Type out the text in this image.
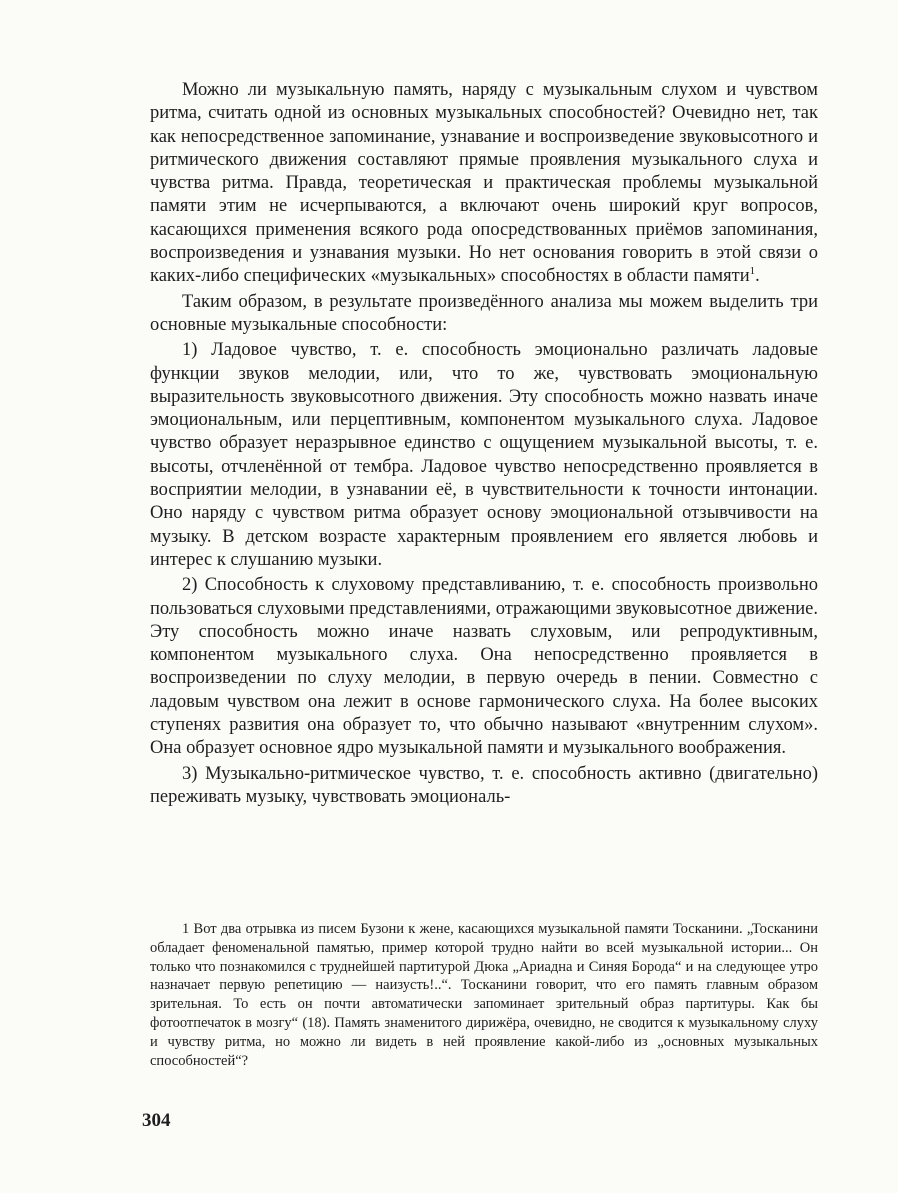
Можно ли музыкальную память, наряду с музыкальным слухом и чувством ритма, считать одной из основных музыкальных способностей? Очевидно нет, так как непосредственное запоминание, узнавание и воспроизведение звуковысотного и ритмического движения составляют прямые проявления музыкального слуха и чувства ритма. Правда, теоретическая и практическая проблемы музыкальной памяти этим не исчерпываются, а включают очень широкий круг вопросов, касающихся применения всякого рода опосредствованных приёмов запоминания, воспроизведения и узнавания музыки. Но нет основания говорить в этой связи о каких-либо специфических «музыкальных» способностях в области памяти$^1$.

Таким образом, в результате произведённого анализа мы можем выделить три основные музыкальные способности:

1) Ладовое чувство, т. е. способность эмоционально различать ладовые функции звуков мелодии, или, что то же, чувствовать эмоциональную выразительность звуковысотного движения. Эту способность можно назвать иначе эмоциональным, или перцептивным, компонентом музыкального слуха. Ладовое чувство образует неразрывное единство с ощущением музыкальной высоты, т. е. высоты, отчленённой от тембра. Ладовое чувство непосредственно проявляется в восприятии мелодии, в узнавании её, в чувствительности к точности интонации. Оно наряду с чувством ритма образует основу эмоциональной отзывчивости на музыку. В детском возрасте характерным проявлением его является любовь и интерес к слушанию музыки.

2) Способность к слуховому представливанию, т. е. способность произвольно пользоваться слуховыми представлениями, отражающими звуковысотное движение. Эту способность можно иначе назвать слуховым, или репродуктивным, компонентом музыкального слуха. Она непосредственно проявляется в воспроизведении по слуху мелодии, в первую очередь в пении. Совместно с ладовым чувством она лежит в основе гармонического слуха. На более высоких ступенях развития она образует то, что обычно называют «внутренним слухом». Она образует основное ядро музыкальной памяти и музыкального воображения.

3) Музыкально-ритмическое чувство, т. е. способность активно (двигательно) переживать музыку, чувствовать эмоциональ-

1 Вот два отрывка из писем Бузони к жене, касающихся музыкальной памяти Тосканини. „Тосканини обладает феноменальной памятью, пример которой трудно найти во всей музыкальной истории... Он только что познакомился с труднейшей партитурой Дюка „Ариадна и Синяя Борода“ и на следующее утро назначает первую репетицию — наизусть!..“. Тосканини говорит, что его память главным образом зрительная. То есть он почти автоматически запоминает зрительный образ партитуры. Как бы фотоотпечаток в мозгу“ (18). Память знаменитого дирижёра, очевидно, не сводится к музыкальному слуху и чувству ритма, но можно ли видеть в ней проявление какой-либо из „основных музыкальных способностей“?

304
